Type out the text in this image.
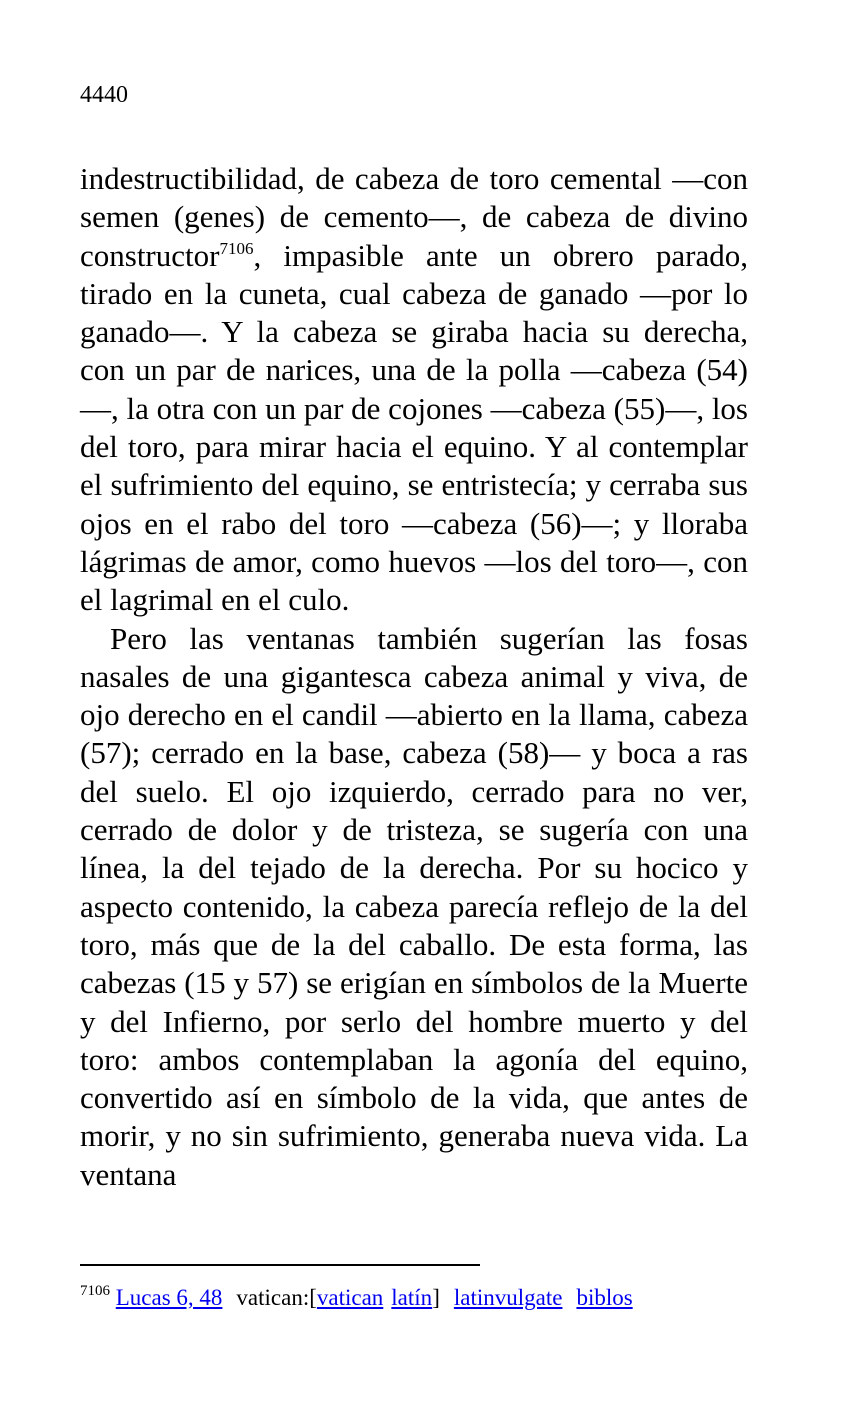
4440

indestructibilidad, de cabeza de toro cemental —con semen (genes) de cemento—, de cabeza de divino constructor$^{7106}$, impasible ante un obrero parado, tirado en la cuneta, cual cabeza de ganado —por lo ganado—. Y la cabeza se giraba hacia su derecha, con un par de narices, una de la polla —cabeza (54)—, la otra con un par de cojones —cabeza (55)—, los del toro, para mirar hacia el equino. Y al contemplar el sufrimiento del equino, se entristecía; y cerraba sus ojos en el rabo del toro —cabeza (56)—; y lloraba lágrimas de amor, como huevos —los del toro—, con el lagrimal en el culo.

Pero las ventanas también sugerían las fosas nasales de una gigantesca cabeza animal y viva, de ojo derecho en el candil —abierto en la llama, cabeza (57); cerrado en la base, cabeza (58)— y boca a ras del suelo. El ojo izquierdo, cerrado para no ver, cerrado de dolor y de tristeza, se sugería con una línea, la del tejado de la derecha. Por su hocico y aspecto contenido, la cabeza parecía reflejo de la del toro, más que de la del caballo. De esta forma, las cabezas (15 y 57) se erigían en símbolos de la Muerte y del Infierno, por serlo del hombre muerto y del toro: ambos contemplaban la agonía del equino, convertido así en símbolo de la vida, que antes de morir, y no sin sufrimiento, generaba nueva vida. La ventana

$^{7106}$ Lucas 6, 48 vatican:[vatican latín] latinvulgate biblos
